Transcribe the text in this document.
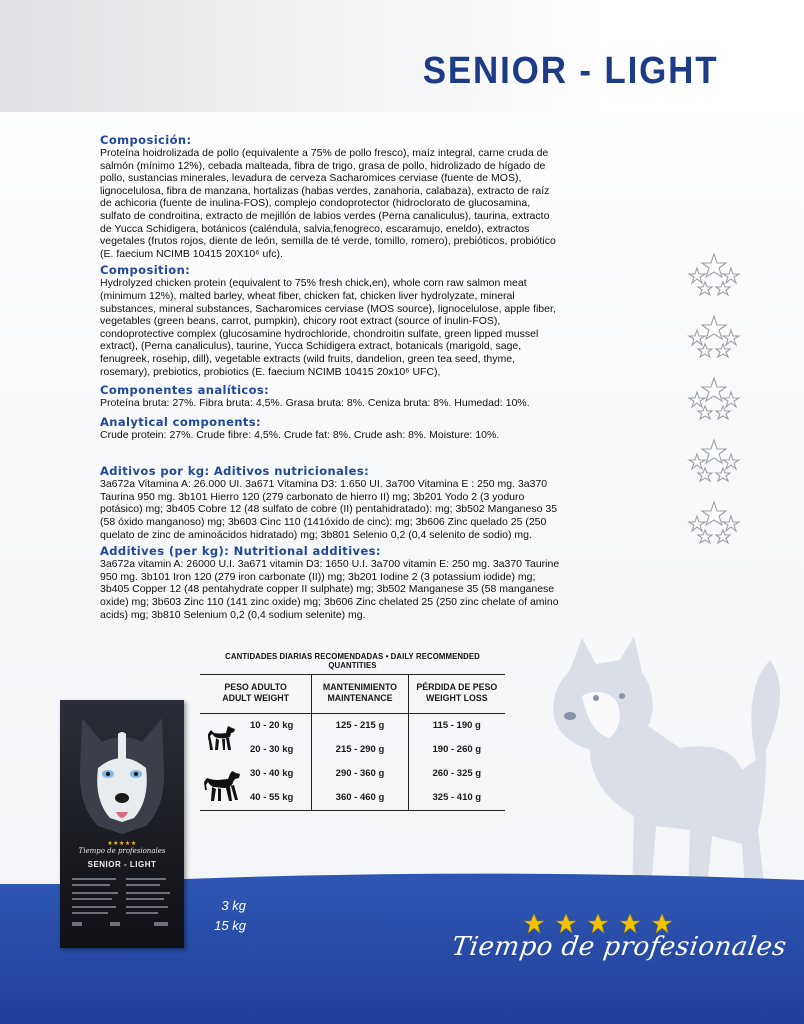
SENIOR - LIGHT

Composición:

Proteína hoidrolizada de pollo (equivalente a 75% de pollo fresco), maíz integral, carne cruda de salmón (mínimo 12%), cebada malteada, fibra de trigo, grasa de pollo, hidrolizado de hígado de pollo, sustancias minerales, levadura de cerveza Sacharomices cerviase (fuente de MOS), lignocelulosa, fibra de manzana, hortalizas (habas verdes, zanahoria, calabaza), extracto de raíz de achicoria (fuente de inulina-FOS), complejo condoprotector (hidroclorato de glucosamina, sulfato de condroitina, extracto de mejillón de labios verdes (Perna canaliculus), taurina, extracto de Yucca Schidigera, botánicos (caléndula, salvia,fenogreco, escaramujo, eneldo), extractos vegetales (frutos rojos, diente de león, semilla de té verde, tomillo, romero), prebióticos, probiótico (E. faecium NCIMB 10415 20X10⁶ ufc).

Composition:

Hydrolyzed chicken protein (equivalent to 75% fresh chick,en), whole corn raw salmon meat (minimum 12%), malted barley, wheat fiber, chicken fat, chicken liver hydrolyzate, mineral substances, mineral substances, Sacharomices cerviase (MOS source), lignocelulose, apple fiber, vegetables (green beans, carrot, pumpkin), chicory root extract (source of inulin-FOS), condoprotective complex (glucosamine hydrochloride, chondroitin sulfate, green lipped mussel extract), (Perna canaliculus), taurine, Yucca Schidigera extract, botanicals (marigold, sage, fenugreek, rosehip, dill), vegetable extracts (wild fruits, dandelion, green tea seed, thyme, rosemary), prebiotics, probiotics (E. faecium NCIMB 10415 20x10⁶ UFC),

Componentes analíticos:

Proteína bruta: 27%. Fibra bruta: 4,5%. Grasa bruta: 8%. Ceniza bruta: 8%. Humedad: 10%.

Analytical components:

Crude protein: 27%. Crude fibre: 4,5%. Crude fat: 8%. Crude ash: 8%. Moisture: 10%.

Aditivos por kg: Aditivos nutricionales:

3a672a Vitamina A: 26.000 UI. 3a671 Vitamina D3: 1.650 UI. 3a700 Vitamina E : 250 mg. 3a370 Taurina 950 mg. 3b101 Hierro 120 (279 carbonato de hierro II) mg; 3b201 Yodo 2 (3 yoduro potásico) mg; 3b405 Cobre 12 (48 sulfato de cobre (II) pentahidratado): mg; 3b502 Manganeso 35 (58 óxido manganoso) mg; 3b603 Cinc 110 (141óxido de cinc): mg; 3b606 Zinc quelado 25 (250 quelato de zinc de aminoácidos hidratado) mg; 3b801 Selenio 0,2 (0,4 selenito de sodio) mg.

Additives (per kg): Nutritional additives:

3a672a vitamin A: 26000 U.I. 3a671 vitamin D3: 1650 U.I. 3a700 vitamin E: 250 mg. 3a370 Taurine 950 mg. 3b101 Iron 120 (279 iron carbonate (II)) mg; 3b201 Iodine 2 (3 potassium iodide) mg; 3b405 Copper 12 (48 pentahydrate copper II sulphate) mg; 3b502 Manganese 35 (58 manganese oxide) mg; 3b603 Zinc 110 (141 zinc oxide) mg; 3b606 Zinc chelated 25 (250 zinc chelate of amino acids) mg; 3b810 Selenium 0,2 (0,4 sodium selenite) mg.

CANTIDADES DIARIAS RECOMENDADAS • DAILY RECOMMENDED QUANTITIES
PESO ADULTO
ADULT WEIGHT
MANTENIMIENTO
MAINTENANCE
PÉRDIDA DE PESO
WEIGHT LOSS
10 - 20 kg
20 - 30 kg
30 - 40 kg
40 - 55 kg
125 - 215 g
215 - 290 g
290 - 360 g
360 - 460 g
115 - 190 g
190 - 260 g
260 - 325 g
325 - 410 g
★★★★★
Tiempo de profesionales
SENIOR - LIGHT
3 kg
15 kg
Tiempo de profesionales
